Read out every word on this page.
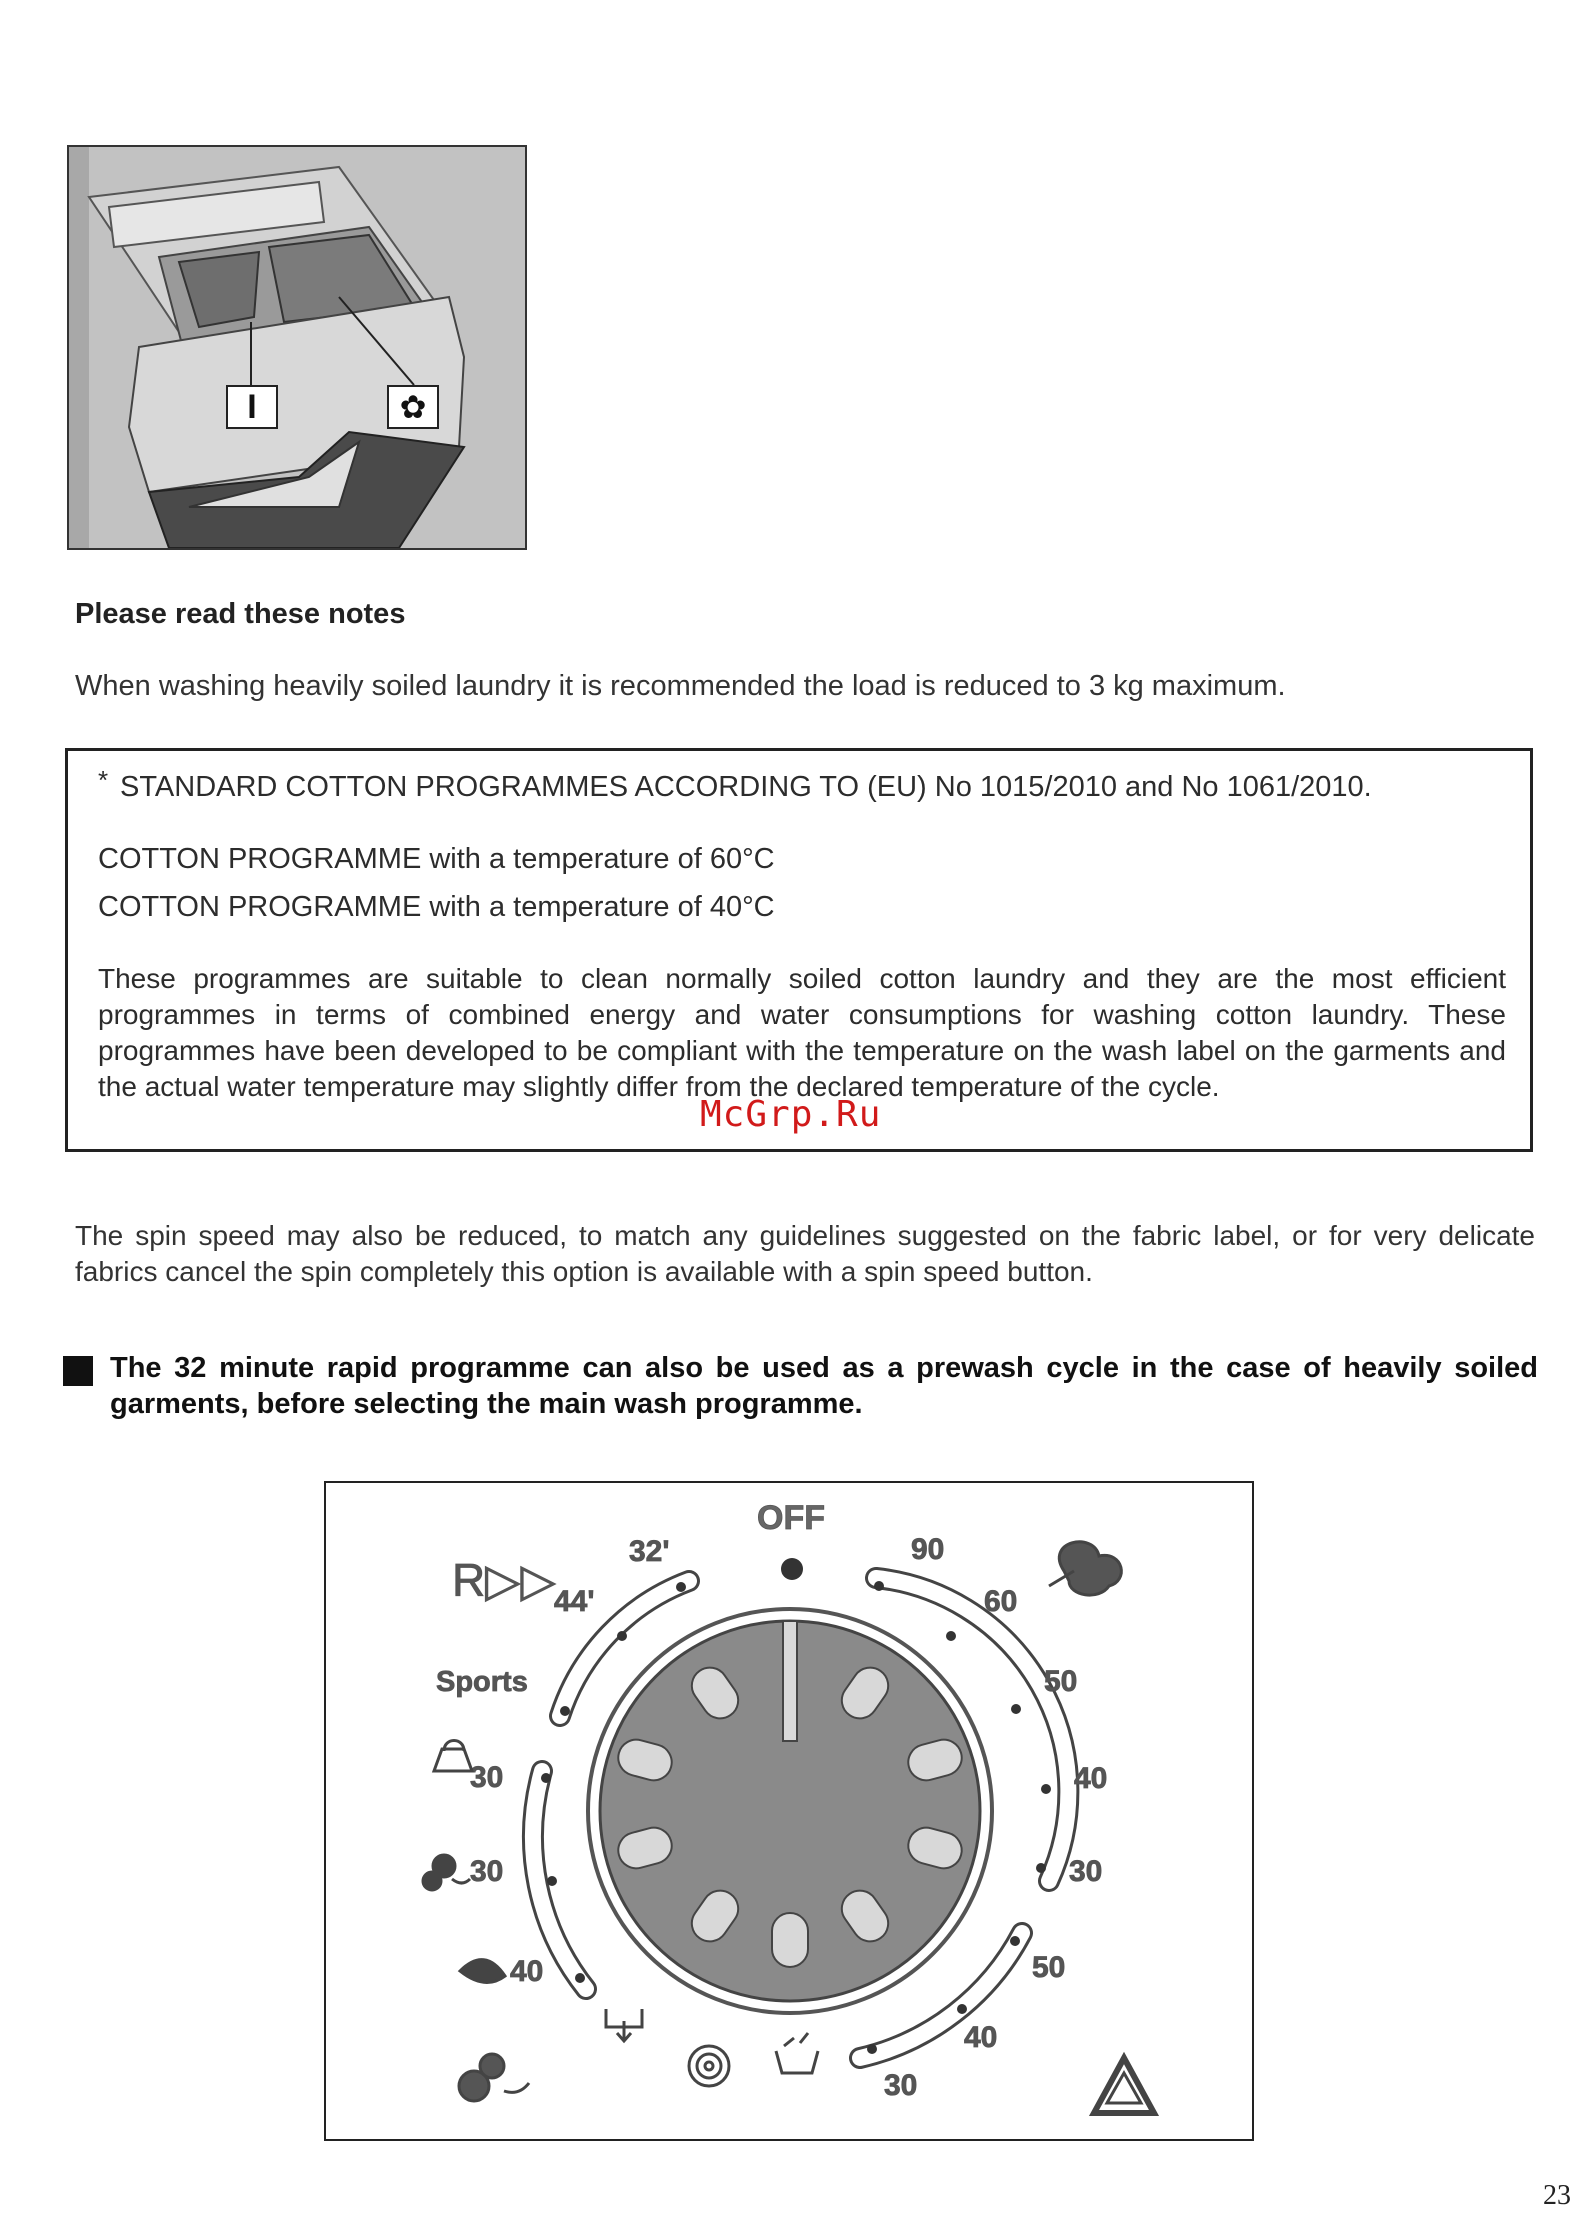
I	✿
Please read these notes
When washing heavily soiled laundry it is recommended the load is reduced to 3 kg maximum.
* STANDARD COTTON PROGRAMMES ACCORDING TO (EU) No 1015/2010 and No 1061/2010.
COTTON PROGRAMME with a temperature of 60°C
COTTON PROGRAMME with a temperature of 40°C
These programmes are suitable to clean normally soiled cotton laundry and they are the most efficient programmes in terms of combined energy and water consumptions for washing cotton laundry. These programmes have been developed to be compliant with the temperature on the wash label on the garments and the actual water temperature may slightly differ from the declared temperature of the cycle.
McGrp.Ru
The spin speed may also be reduced, to match any guidelines suggested on the fabric label, or for very delicate fabrics cancel the spin completely this option is available with a spin speed button.
The 32 minute rapid programme can also be used as a prewash cycle in the case of heavily soiled garments, before selecting the main wash programme.
OFF
R▷▷
32'
44'
Sports
30
30
40
90
60
50
40
30
50
40
30
23
